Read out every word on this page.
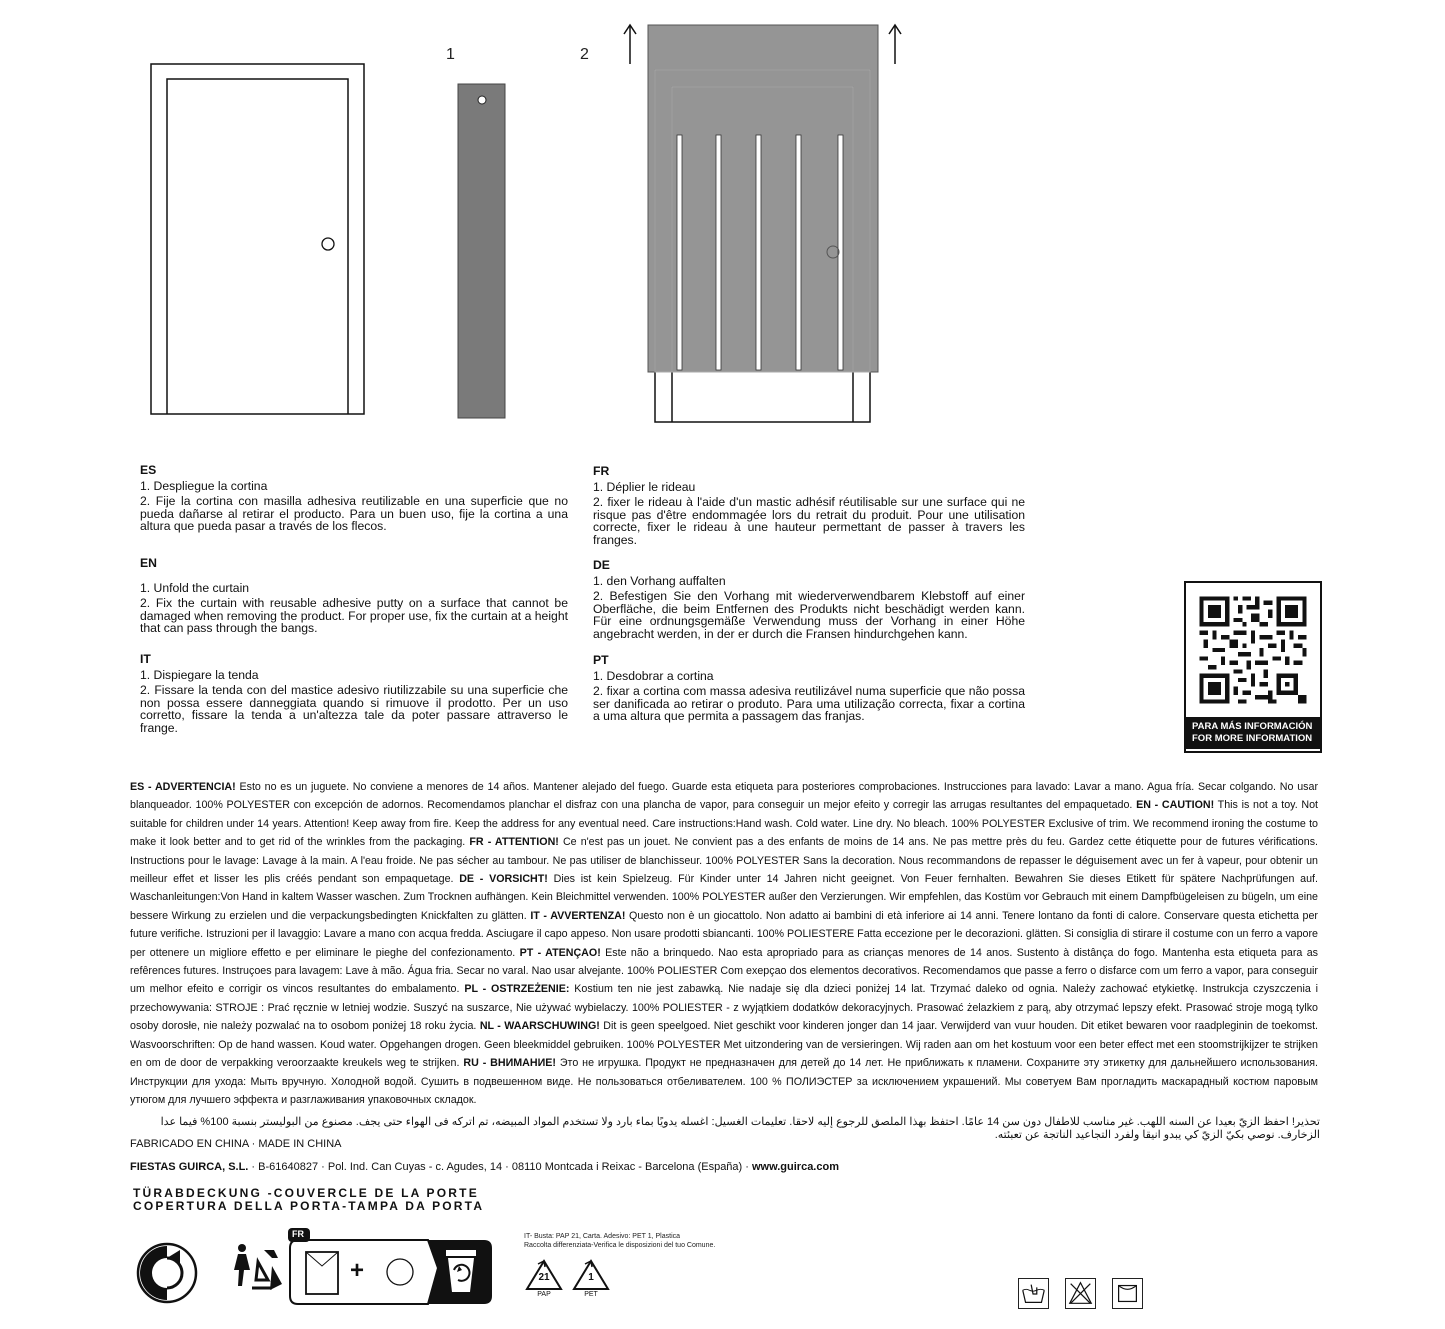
1	2

ES

1. Despliegue la cortina

2. Fije la cortina con masilla adhesiva reutilizable en una superficie que no pueda dañarse al retirar el producto. Para un buen uso, fije la cortina a una altura que pueda pasar a través de los flecos.

EN

1. Unfold the curtain

2. Fix the curtain with reusable adhesive putty on a surface that cannot be damaged when removing the product. For proper use, fix the curtain at a height that can pass through the bangs.

IT

1. Dispiegare la tenda

2. Fissare la tenda con del mastice adesivo riutilizzabile su una superficie che non possa essere danneggiata quando si rimuove il prodotto. Per un uso corretto, fissare la tenda a un'altezza tale da poter passare attraverso le frange.

FR

1. Déplier le rideau

2. fixer le rideau à l'aide d'un mastic adhésif réutilisable sur une surface qui ne risque pas d'être endommagée lors du retrait du produit. Pour une utilisation correcte, fixer le rideau à une hauteur permettant de passer à travers les franges.

DE

1. den Vorhang auffalten

2. Befestigen Sie den Vorhang mit wiederverwendbarem Klebstoff auf einer Oberfläche, die beim Entfernen des Produkts nicht beschädigt werden kann. Für eine ordnungsgemäße Verwendung muss der Vorhang in einer Höhe angebracht werden, in der er durch die Fransen hindurchgehen kann.

PT

1. Desdobrar a cortina

2. fixar a cortina com massa adesiva reutilizável numa superficie que não possa ser danificada ao retirar o produto. Para uma utilização correcta, fixar a cortina a uma altura que permita a passagem das franjas.

PARA MÁS INFORMACIÓN
FOR MORE INFORMATION
ES - ADVERTENCIA! Esto no es un juguete. No conviene a menores de 14 años. Mantener alejado del fuego. Guarde esta etiqueta para posteriores comprobaciones. Instrucciones para lavado: Lavar a mano. Agua fría. Secar colgando. No usar blanqueador. 100% POLYESTER con excepción de adornos. Recomendamos planchar el disfraz con una plancha de vapor, para conseguir un mejor efeito y corregir las arrugas resultantes del empaquetado. EN - CAUTION! This is not a toy. Not suitable for children under 14 years. Attention! Keep away from fire. Keep the address for any eventual need. Care instructions:Hand wash. Cold water. Line dry. No bleach. 100% POLYESTER Exclusive of trim. We recommend ironing the costume to make it look better and to get rid of the wrinkles from the packaging. FR - ATTENTION! Ce n'est pas un jouet. Ne convient pas a des enfants de moins de 14 ans. Ne pas mettre près du feu. Gardez cette étiquette pour de futures vérifications. Instructions pour le lavage: Lavage à la main. A l'eau froide. Ne pas sécher au tambour. Ne pas utiliser de blanchisseur. 100% POLYESTER Sans la decoration. Nous recommandons de repasser le déguisement avec un fer à vapeur, pour obtenir un meilleur effet et lisser les plis créés pendant son empaquetage. DE - VORSICHT! Dies ist kein Spielzeug. Für Kinder unter 14 Jahren nicht geeignet. Von Feuer fernhalten. Bewahren Sie dieses Etikett für spätere Nachprüfungen auf. Waschanleitungen:Von Hand in kaltem Wasser waschen. Zum Trocknen aufhängen. Kein Bleichmittel verwenden. 100% POLYESTER außer den Verzierungen. Wir empfehlen, das Kostüm vor Gebrauch mit einem Dampfbügeleisen zu bügeln, um eine bessere Wirkung zu erzielen und die verpackungsbedingten Knickfalten zu glätten. IT - AVVERTENZA! Questo non è un giocattolo. Non adatto ai bambini di età inferiore ai 14 anni. Tenere lontano da fonti di calore. Conservare questa etichetta per future verifiche. Istruzioni per il lavaggio: Lavare a mano con acqua fredda. Asciugare il capo appeso. Non usare prodotti sbiancanti. 100% POLIESTERE Fatta eccezione per le decorazioni. glätten. Si consiglia di stirare il costume con un ferro a vapore per ottenere un migliore effetto e per eliminare le pieghe del confezionamento. PT - ATENÇAO! Este não a brinquedo. Nao esta apropriado para as crianças menores de 14 anos. Sustento à distânça do fogo. Mantenha esta etiqueta para as refêrences futures. Instruçoes para lavagem: Lave à mão. Água fria. Secar no varal. Nao usar alvejante. 100% POLIESTER Com exepçao dos elementos decorativos. Recomendamos que passe a ferro o disfarce com um ferro a vapor, para conseguir um melhor efeito e corrigir os vincos resultantes do embalamento. PL - OSTRZEŻENIE: Kostium ten nie jest zabawką. Nie nadaje się dla dzieci poniżej 14 lat. Trzymać daleko od ognia. Należy zachować etykietkę. Instrukcja czyszczenia i przechowywania: STROJE : Prać ręcznie w letniej wodzie. Suszyć na suszarce, Nie używać wybielaczy. 100% POLIESTER - z wyjątkiem dodatków dekoracyjnych. Prasować żelazkiem z parą, aby otrzymać lepszy efekt. Prasować stroje mogą tylko osoby dorosłe, nie należy pozwalać na to osobom poniżej 18 roku życia. NL - WAARSCHUWING! Dit is geen speelgoed. Niet geschikt voor kinderen jonger dan 14 jaar. Verwijderd van vuur houden. Dit etiket bewaren voor raadpleginin de toekomst. Wasvoorschriften: Op de hand wassen. Koud water. Opgehangen drogen. Geen bleekmiddel gebruiken. 100% POLYESTER Met uitzondering van de versieringen. Wij raden aan om het kostuum voor een beter effect met een stoomstrijkijzer te strijken en om de door de verpakking veroorzaakte kreukels weg te strijken. RU - ВНИМАНИЕ! Это не игрушка. Продукт не предназначен для детей до 14 лет. Не приближать к пламени. Сохраните эту этикетку для дальнейшего использования. Инструкции для ухода: Мыть вручную. Холодной водой. Сушить в подвешенном виде. Не пользоваться отбеливателем. 100 % ПОЛИЭСТЕР за исключением украшений. Мы советуем Вам прогладить маскарадный костюм паровым утюгом для лучшего эффекта и разглаживания упаковочных складок.
تحذير! احفظ الزيّ بعيدا عن السنه اللهب. غير مناسب للاطفال دون سن 14 عامًا. احتفظ بهذا الملصق للرجوع إليه لاحقا. تعليمات الغسيل: اغسله يدويًا بماء بارد ولا تستخدم المواد المبيضه، تم اتركه فى الهواء حتى يجف. مصنوع من البوليستر بنسبة 100% فيما عدا الزخارف. نوصي بكيّ الزيّ كي يبدو انيقا ولفرد التجاعيد الناتجة عن تعبئته.
FABRICADO EN CHINA · MADE IN CHINA
FIESTAS GUIRCA, S.L. · B-61640827 · Pol. Ind. Can Cuyas - c. Agudes, 14 · 08110 Montcada i Reixac - Barcelona (España) · www.guirca.com
TÜRABDECKUNG -COUVERCLE DE LA PORTE
COPERTURA DELLA PORTA-TAMPA DA PORTA
+
FR	IT- Busta: PAP 21, Carta. Adesivo: PET 1, Plastica
Raccolta differenziata-Verifica le disposizioni del tuo Comune.
21
PAP
1
PET
